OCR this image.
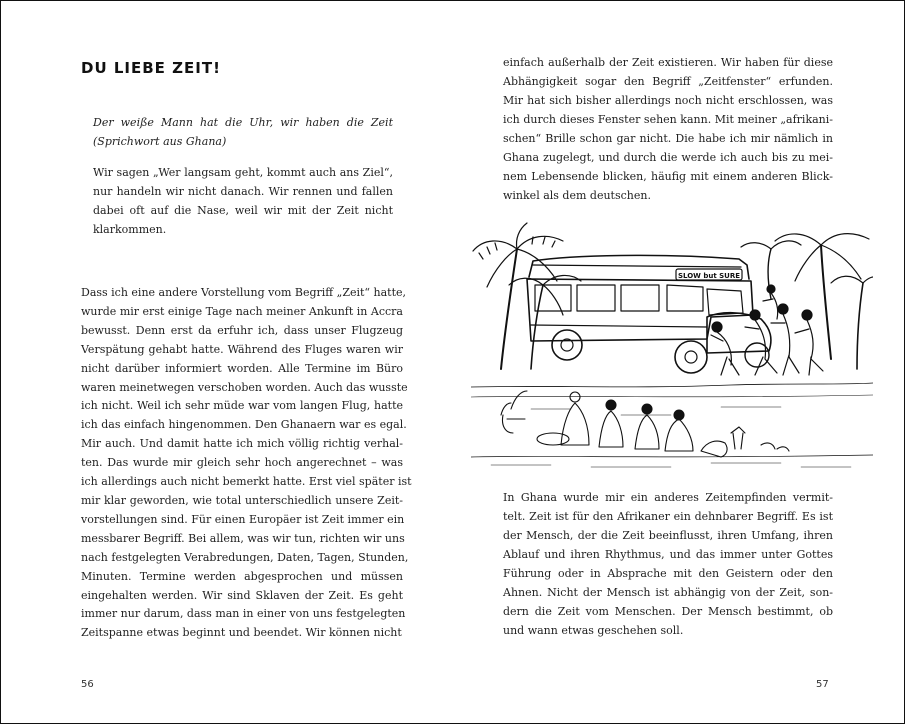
DU LIEBE ZEIT!
Der weiße Mann hat die Uhr, wir haben die Zeit
(Sprichwort aus Ghana)
Wir sagen „Wer langsam geht, kommt auch ans Ziel“,
nur handeln wir nicht danach. Wir rennen und fallen
dabei oft auf die Nase, weil wir mit der Zeit nicht
klarkommen.
Dass ich eine andere Vorstellung vom Begriff „Zeit“ hatte,
wurde mir erst einige Tage nach meiner Ankunft in Accra
bewusst. Denn erst da erfuhr ich, dass unser Flugzeug
Verspätung gehabt hatte. Während des Fluges waren wir
nicht darüber informiert worden. Alle Termine im Büro
waren meinetwegen verschoben worden. Auch das wusste
ich nicht. Weil ich sehr müde war vom langen Flug, hatte
ich das einfach hingenommen. Den Ghanaern war es egal.
Mir auch. Und damit hatte ich mich völlig richtig verhal-
ten. Das wurde mir gleich sehr hoch angerechnet – was
ich allerdings auch nicht bemerkt hatte. Erst viel später ist
mir klar geworden, wie total unterschiedlich unsere Zeit-
vorstellungen sind. Für einen Europäer ist Zeit immer ein
messbarer Begriff. Bei allem, was wir tun, richten wir uns
nach festgelegten Verabredungen, Daten, Tagen, Stunden,
Minuten. Termine werden abgesprochen und müssen
eingehalten werden. Wir sind Sklaven der Zeit. Es geht
immer nur darum, dass man in einer von uns festgelegten
Zeitspanne etwas beginnt und beendet. Wir können nicht
56
einfach außerhalb der Zeit existieren. Wir haben für diese
Abhängigkeit sogar den Begriff „Zeitfenster“ erfunden.
Mir hat sich bisher allerdings noch nicht erschlossen, was
ich durch dieses Fenster sehen kann. Mit meiner „afrikani-
schen“ Brille schon gar nicht. Die habe ich mir nämlich in
Ghana zugelegt, und durch die werde ich auch bis zu mei-
nem Lebensende blicken, häufig mit einem anderen Blick-
winkel als dem deutschen.
SLOW but SURE
In Ghana wurde mir ein anderes Zeitempfinden vermit-
telt. Zeit ist für den Afrikaner ein dehnbarer Begriff. Es ist
der Mensch, der die Zeit beeinflusst, ihren Umfang, ihren
Ablauf und ihren Rhythmus, und das immer unter Gottes
Führung oder in Absprache mit den Geistern oder den
Ahnen. Nicht der Mensch ist abhängig von der Zeit, son-
dern die Zeit vom Menschen. Der Mensch bestimmt, ob
und wann etwas geschehen soll.
57
